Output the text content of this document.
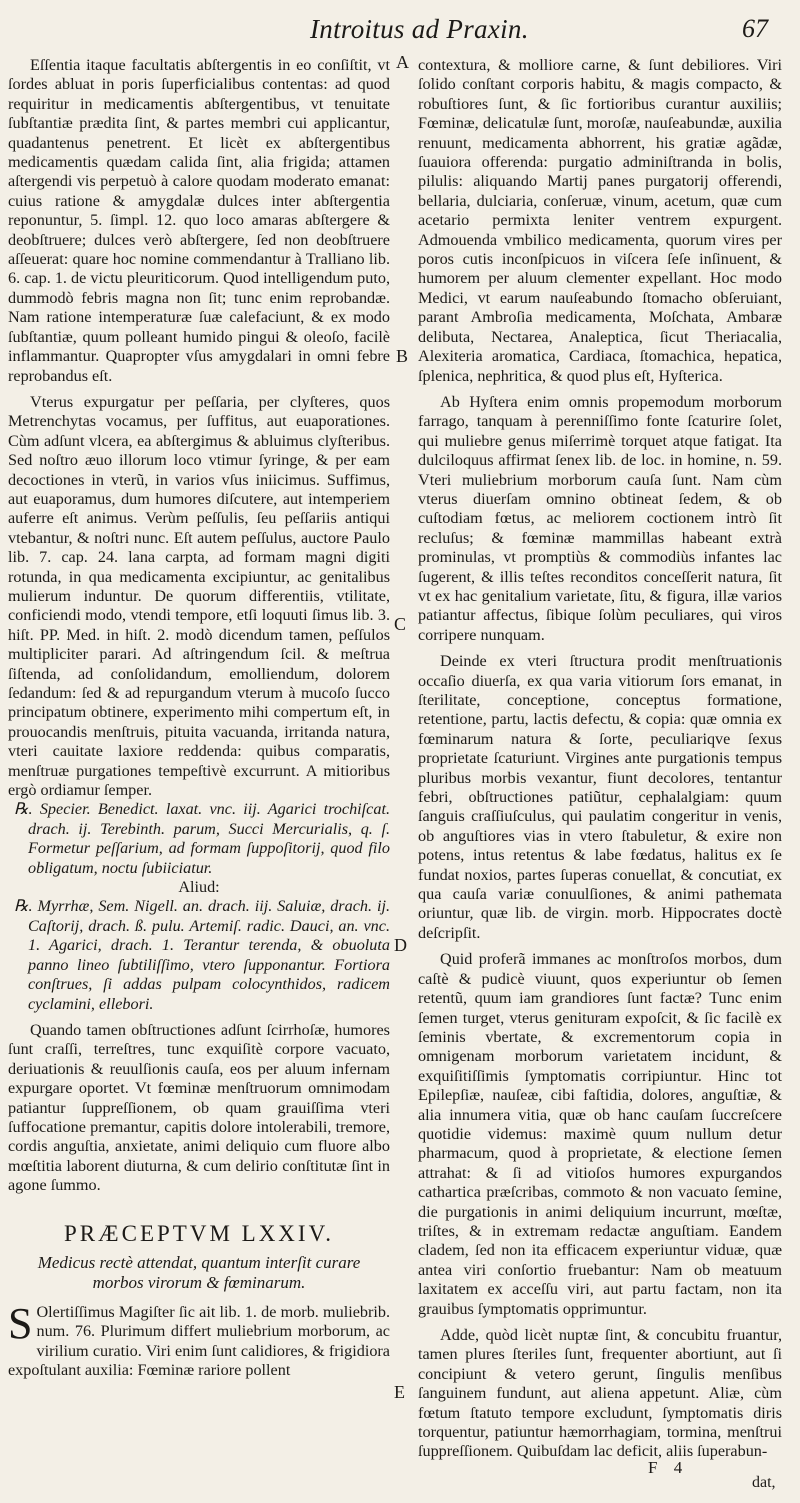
Introitus ad Praxin.	67
A
B
C
D
E

Eſſentia itaque facultatis abſtergentis in eo conſiſtit, vt ſordes abluat in poris ſuperficialibus contentas: ad quod requiritur in medicamentis abſtergentibus, vt tenuitate ſubſtantiæ prædita ſint, & partes membri cui applicantur, quadantenus penetrent. Et licèt ex abſtergentibus medicamentis quædam calida ſint, alia frigida; attamen aſtergendi vis perpetuò à calore quodam moderato emanat: cuius ratione & amygdalæ dulces inter abſtergentia reponuntur, 5. ſimpl. 12. quo loco amaras abſtergere & deobſtruere; dulces verò abſtergere, ſed non deobſtruere aſſeuerat: quare hoc nomine commendantur à Tralliano lib. 6. cap. 1. de victu pleuriticorum. Quod intelligendum puto, dummodò febris magna non ſit; tunc enim reprobandæ. Nam ratione intemperaturæ ſuæ calefaciunt, & ex modo ſubſtantiæ, quum polleant humido pingui & oleoſo, facilè inflammantur. Quapropter vſus amygdalari in omni febre reprobandus eſt.

Vterus expurgatur per peſſaria, per clyſteres, quos Metrenchytas vocamus, per ſuffitus, aut euaporationes. Cùm adſunt vlcera, ea abſtergimus & abluimus clyſteribus. Sed noſtro æuo illorum loco vtimur ſyringe, & per eam decoctiones in vterũ, in varios vſus iniicimus. Suffimus, aut euaporamus, dum humores diſcutere, aut intemperiem auferre eſt animus. Verùm peſſulis, ſeu peſſariis antiqui vtebantur, & noſtri nunc. Eſt autem peſſulus, auctore Paulo lib. 7. cap. 24. lana carpta, ad formam magni digiti rotunda, in qua medicamenta excipiuntur, ac genitalibus mulierum induntur. De quorum differentiis, vtilitate, conficiendi modo, vtendi tempore, etſi loquuti ſimus lib. 3. hiſt. PP. Med. in hiſt. 2. modò dicendum tamen, peſſulos multipliciter parari. Ad aſtringendum ſcil. & meſtrua ſiſtenda, ad conſolidandum, emolliendum, dolorem ſedandum: ſed & ad repurgandum vterum à mucoſo ſucco principatum obtinere, experimento mihi compertum eſt, in prouocandis menſtruis, pituita vacuanda, irritanda natura, vteri cauitate laxiore reddenda: quibus comparatis, menſtruæ purgationes tempeſtivè excurrunt. A mitioribus ergò ordiamur ſemper.

℞. Specier. Benedict. laxat. vnc. iij. Agarici trochiſcat. drach. ij. Terebinth. parum, Succi Mercurialis, q. ſ. Formetur peſſarium, ad formam ſuppoſitorij, quod filo obligatum, noctu ſubiiciatur.

Aliud:

℞. Myrrhæ, Sem. Nigell. an. drach. iij. Saluiæ, drach. ij. Caſtorij, drach. ß. pulu. Artemiſ. radic. Dauci, an. vnc. 1. Agarici, drach. 1. Terantur terenda, & obuoluta panno lineo ſubtiliſſimo, vtero ſupponantur. Fortiora conſtrues, ſi addas pulpam colocynthidos, radicem cyclamini, ellebori.

Quando tamen obſtructiones adſunt ſcirrhoſæ, humores ſunt craſſi, terreſtres, tunc exquiſitè corpore vacuato, deriuationis & reuulſionis cauſa, eos per aluum infernam expurgare oportet. Vt fœminæ menſtruorum omnimodam patiantur ſuppreſſionem, ob quam grauiſſima vteri ſuffocatione premantur, capitis dolore intolerabili, tremore, cordis anguſtia, anxietate, animi deliquio cum fluore albo mœſtitia laborent diuturna, & cum delirio conſtitutæ ſint in agone ſummo.

PRÆCEPTVM LXXIV.

Medicus rectè attendat, quantum interſit curare morbos virorum & fœminarum.

S Olertiſſimus Magiſter ſic ait lib. 1. de morb. muliebrib. num. 76. Plurimum differt muliebrium morborum, ac virilium curatio. Viri enim ſunt calidiores, & frigidiora expoſtulant auxilia: Fœminæ rariore pollent

contextura, & molliore carne, & ſunt debiliores. Viri ſolido conſtant corporis habitu, & magis compacto, & robuſtiores ſunt, & ſic fortioribus curantur auxiliis; Fœminæ, delicatulæ ſunt, moroſæ, nauſeabundæ, auxilia renuunt, medicamenta abhorrent, his gratiæ agãdæ, ſuauiora offerenda: purgatio adminiſtranda in bolis, pilulis: aliquando Martij panes purgatorij offerendi, bellaria, dulciaria, conſeruæ, vinum, acetum, quæ cum acetario permixta leniter ventrem expurgent. Admouenda vmbilico medicamenta, quorum vires per poros cutis inconſpicuos in viſcera ſeſe inſinuent, & humorem per aluum clementer expellant. Hoc modo Medici, vt earum nauſeabundo ſtomacho obſeruiant, parant Ambroſia medicamenta, Moſchata, Ambaræ delibuta, Nectarea, Analeptica, ſicut Theriacalia, Alexiteria aromatica, Cardiaca, ſtomachica, hepatica, ſplenica, nephritica, & quod plus eſt, Hyſterica.

Ab Hyſtera enim omnis propemodum morborum farrago, tanquam à perenniſſimo fonte ſcaturire ſolet, qui muliebre genus miſerrimè torquet atque fatigat. Ita dulciloquus affirmat ſenex lib. de loc. in homine, n. 59. Vteri muliebrium morborum cauſa ſunt. Nam cùm vterus diuerſam omnino obtineat ſedem, & ob cuſtodiam fœtus, ac meliorem coctionem intrò ſit recluſus; & fœminæ mammillas habeant extrà prominulas, vt promptiùs & commodiùs infantes lac ſugerent, & illis teſtes reconditos conceſſerit natura, ſit vt ex hac genitalium varietate, ſitu, & figura, illæ varios patiantur affectus, ſibique ſolùm peculiares, qui viros corripere nunquam.

Deinde ex vteri ſtructura prodit menſtruationis occaſio diuerſa, ex qua varia vitiorum ſors emanat, in ſterilitate, conceptione, conceptus formatione, retentione, partu, lactis defectu, & copia: quæ omnia ex fœminarum natura & ſorte, peculiariqve ſexus proprietate ſcaturiunt. Virgines ante purgationis tempus pluribus morbis vexantur, fiunt decolores, tentantur febri, obſtructiones patiũtur, cephalalgiam: quum ſanguis craſſiuſculus, qui paulatim congeritur in venis, ob anguſtiores vias in vtero ſtabuletur, & exire non potens, intus retentus & labe fœdatus, halitus ex ſe fundat noxios, partes ſuperas conuellat, & concutiat, ex qua cauſa variæ conuulſiones, & animi pathemata oriuntur, quæ lib. de virgin. morb. Hippocrates doctè deſcripſit.

Quid proferã immanes ac monſtroſos morbos, dum caſtè & pudicè viuunt, quos experiuntur ob ſemen retentũ, quum iam grandiores ſunt factæ? Tunc enim ſemen turget, vterus genituram expoſcit, & ſic facilè ex ſeminis vbertate, & excrementorum copia in omnigenam morborum varietatem incidunt, & exquiſitiſſimis ſymptomatis corripiuntur. Hinc tot Epilepſiæ, nauſeæ, cibi faſtidia, dolores, anguſtiæ, & alia innumera vitia, quæ ob hanc cauſam ſuccreſcere quotidie videmus: maximè quum nullum detur pharmacum, quod à proprietate, & electione ſemen attrahat: & ſi ad vitioſos humores expurgandos cathartica præſcribas, commoto & non vacuato ſemine, die purgationis in animi deliquium incurrunt, mœſtæ, triſtes, & in extremam redactæ anguſtiam. Eandem cladem, ſed non ita efficacem experiuntur viduæ, quæ antea viri conſortio fruebantur: Nam ob meatuum laxitatem ex acceſſu viri, aut partu factam, non ita grauibus ſymptomatis opprimuntur.

Adde, quòd licèt nuptæ ſint, & concubitu fruantur, tamen plures ſteriles ſunt, frequenter abortiunt, aut ſi concipiunt & vetero gerunt, ſingulis menſibus ſanguinem fundunt, aut aliena appetunt. Aliæ, cùm fœtum ſtatuto tempore excludunt, ſymptomatis diris torquentur, patiuntur hæmorrhagiam, tormina, menſtrui ſuppreſſionem. Quibuſdam lac deficit, aliis ſuperabun-

F 4
dat,
